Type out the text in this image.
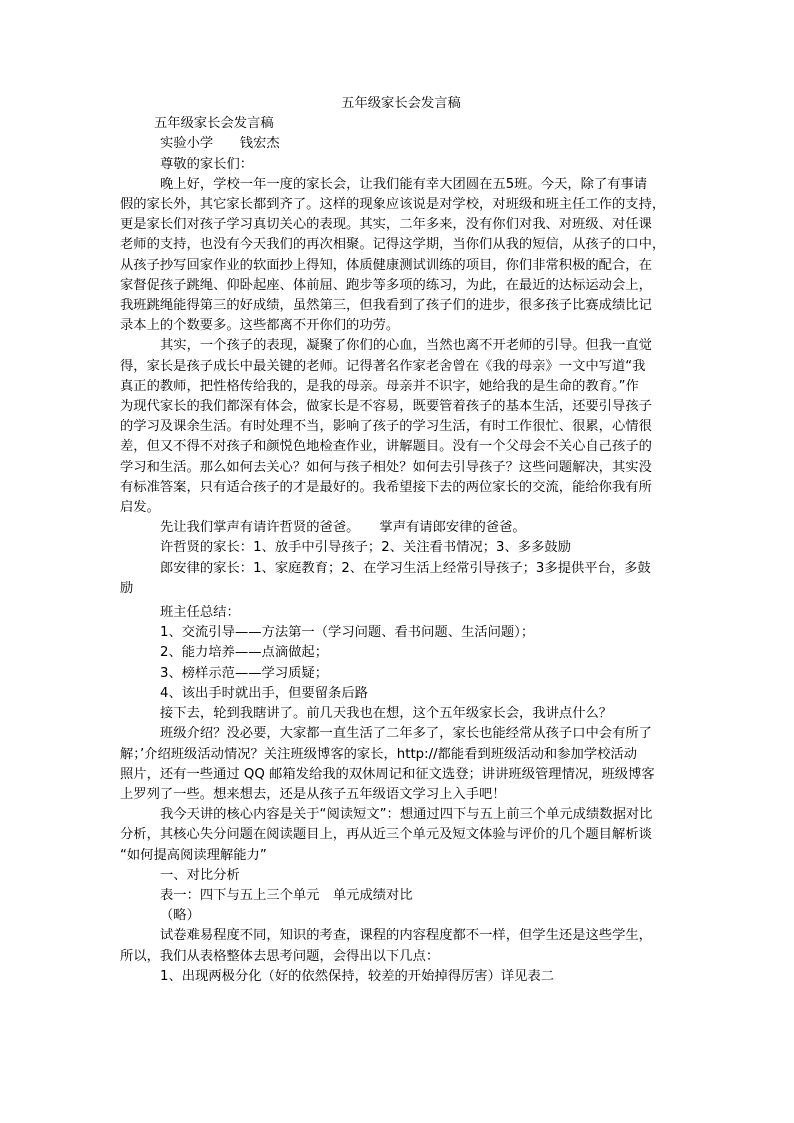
五年级家长会发言稿
五年级家长会发言稿
实验小学　　钱宏杰
尊敬的家长们：
晚上好，学校一年一度的家长会，让我们能有幸大团圆在五5班。今天，除了有事请
假的家长外，其它家长都到齐了。这样的现象应该说是对学校，对班级和班主任工作的支持，
更是家长们对孩子学习真切关心的表现。其实，二年多来，没有你们对我、对班级、对任课
老师的支持，也没有今天我们的再次相聚。记得这学期，当你们从我的短信，从孩子的口中，
从孩子抄写回家作业的软面抄上得知，体质健康测试训练的项目，你们非常积极的配合，在
家督促孩子跳绳、仰卧起座、体前屈、跑步等多项的练习，为此，在最近的达标运动会上，
我班跳绳能得第三的好成绩，虽然第三，但我看到了孩子们的进步，很多孩子比赛成绩比记
录本上的个数要多。这些都离不开你们的功劳。
其实，一个孩子的表现，凝聚了你们的心血，当然也离不开老师的引导。但我一直觉
得，家长是孩子成长中最关键的老师。记得著名作家老舍曾在《我的母亲》一文中写道“我
真正的教师，把性格传给我的，是我的母亲。母亲并不识字，她给我的是生命的教育。”作
为现代家长的我们都深有体会，做家长是不容易，既要管着孩子的基本生活，还要引导孩子
的学习及课余生活。有时处理不当，影响了孩子的学习生活，有时工作很忙、很累，心情很
差，但又不得不对孩子和颜悦色地检查作业，讲解题目。没有一个父母会不关心自己孩子的
学习和生活。那么如何去关心？如何与孩子相处？如何去引导孩子？这些问题解决，其实没
有标准答案，只有适合孩子的才是最好的。我希望接下去的两位家长的交流，能给你我有所
启发。
先让我们掌声有请许哲贤的爸爸。　　掌声有请郎安律的爸爸。
许哲贤的家长：1、放手中引导孩子；2、关注看书情况；3、多多鼓励
郎安律的家长：1、家庭教育；2、在学习生活上经常引导孩子；3多提供平台，多鼓
励
班主任总结：
1、交流引导——方法第一（学习问题、看书问题、生活问题）；
2、能力培养——点滴做起；
3、榜样示范——学习质疑；
4、该出手时就出手，但要留条后路
接下去，轮到我瞎讲了。前几天我也在想，这个五年级家长会，我讲点什么？
班级介绍？没必要，大家都一直生活了二年多了，家长也能经常从孩子口中会有所了
解；’介绍班级活动情况？关注班级博客的家长，http://都能看到班级活动和参加学校活动
照片，还有一些通过 QQ 邮箱发给我的双休周记和征文选登；讲讲班级管理情况，班级博客
上罗列了一些。想来想去，还是从孩子五年级语文学习上入手吧！
我今天讲的核心内容是关于“阅读短文”：想通过四下与五上前三个单元成绩数据对比
分析，其核心失分问题在阅读题目上，再从近三个单元及短文体验与评价的几个题目解析谈
“如何提高阅读理解能力”
一、对比分析
表一：四下与五上三个单元　单元成绩对比
（略）
试卷难易程度不同，知识的考查，课程的内容程度都不一样，但学生还是这些学生，
所以，我们从表格整体去思考问题，会得出以下几点：
1、出现两极分化（好的依然保持，较差的开始掉得厉害）详见表二
